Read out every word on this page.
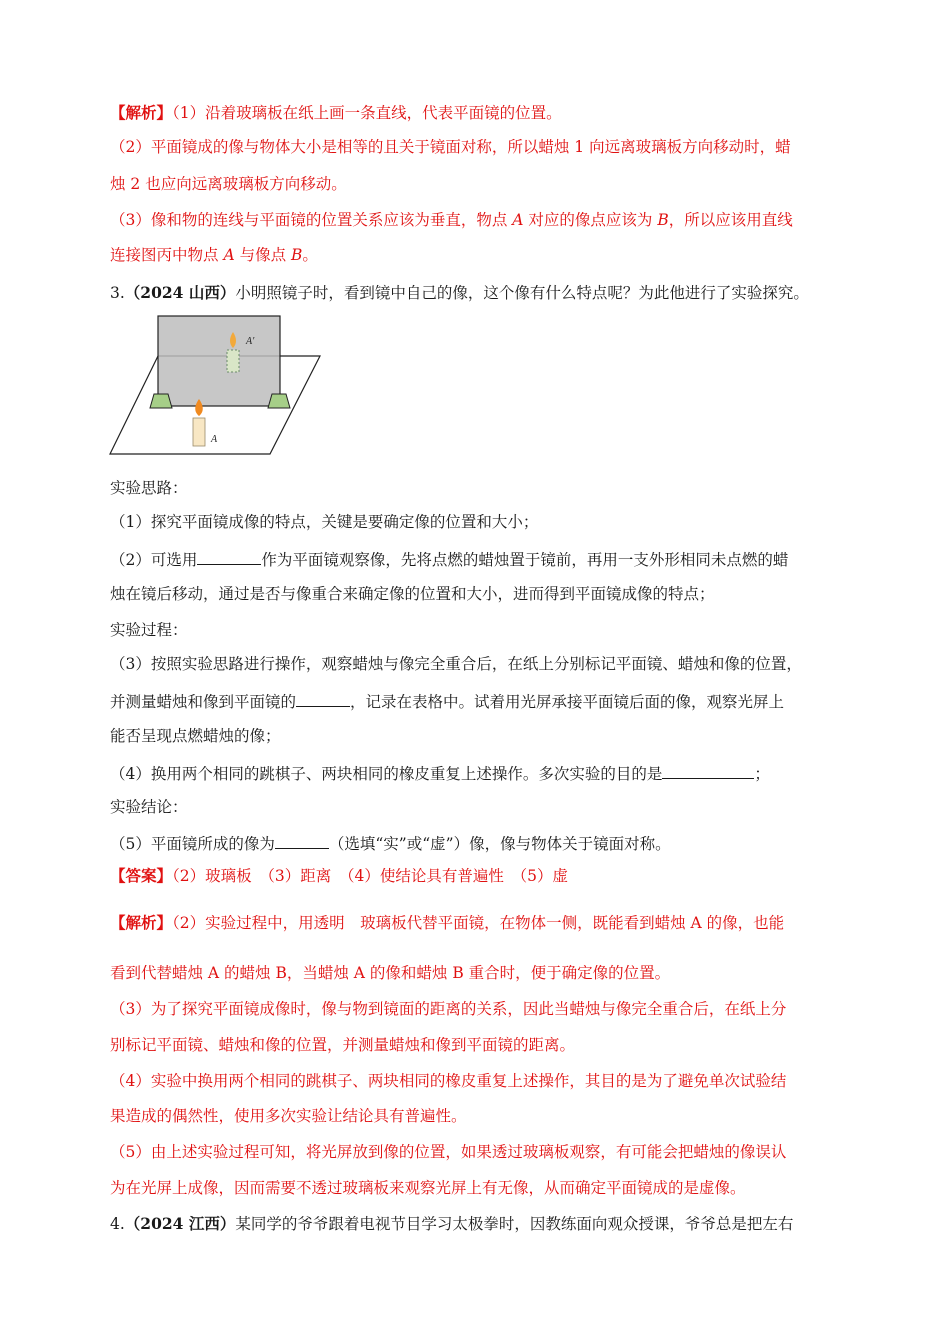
【解析】（1）沿着玻璃板在纸上画一条直线，代表平面镜的位置。
（2）平面镜成的像与物体大小是相等的且关于镜面对称，所以蜡烛 1 向远离玻璃板方向移动时，蜡
烛 2 也应向远离玻璃板方向移动。
（3）像和物的连线与平面镜的位置关系应该为垂直，物点 A 对应的像点应该为 B，所以应该用直线
连接图丙中物点 A 与像点 B。
3.（2024 山西）小明照镜子时，看到镜中自己的像，这个像有什么特点呢？为此他进行了实验探究。
A′
A
实验思路：
（1）探究平面镜成像的特点，关键是要确定像的位置和大小；
（2）可选用	作为平面镜观察像，先将点燃的蜡烛置于镜前，再用一支外形相同未点燃的蜡
烛在镜后移动，通过是否与像重合来确定像的位置和大小，进而得到平面镜成像的特点；
实验过程：
（3）按照实验思路进行操作，观察蜡烛与像完全重合后，在纸上分别标记平面镜、蜡烛和像的位置，
并测量蜡烛和像到平面镜的	，记录在表格中。试着用光屏承接平面镜后面的像，观察光屏上
能否呈现点燃蜡烛的像；
（4）换用两个相同的跳棋子、两块相同的橡皮重复上述操作。多次实验的目的是	；
实验结论：
（5）平面镜所成的像为	（选填“实”或“虚”）像，像与物体关于镜面对称。
【答案】（2）玻璃板　（3）距离　（4）使结论具有普遍性　（5）虚
【解析】（2）实验过程中，用透明　玻璃板代替平面镜，在物体一侧，既能看到蜡烛 A 的像，也能
看到代替蜡烛 A 的蜡烛 B，当蜡烛 A 的像和蜡烛 B 重合时，便于确定像的位置。
（3）为了探究平面镜成像时，像与物到镜面的距离的关系，因此当蜡烛与像完全重合后，在纸上分
别标记平面镜、蜡烛和像的位置，并测量蜡烛和像到平面镜的距离。
（4）实验中换用两个相同的跳棋子、两块相同的橡皮重复上述操作，其目的是为了避免单次试验结
果造成的偶然性，使用多次实验让结论具有普遍性。
（5）由上述实验过程可知，将光屏放到像的位置，如果透过玻璃板观察，有可能会把蜡烛的像误认
为在光屏上成像，因而需要不透过玻璃板来观察光屏上有无像，从而确定平面镜成的是虚像。
4.（2024 江西）某同学的爷爷跟着电视节目学习太极拳时，因教练面向观众授课，爷爷总是把左右
